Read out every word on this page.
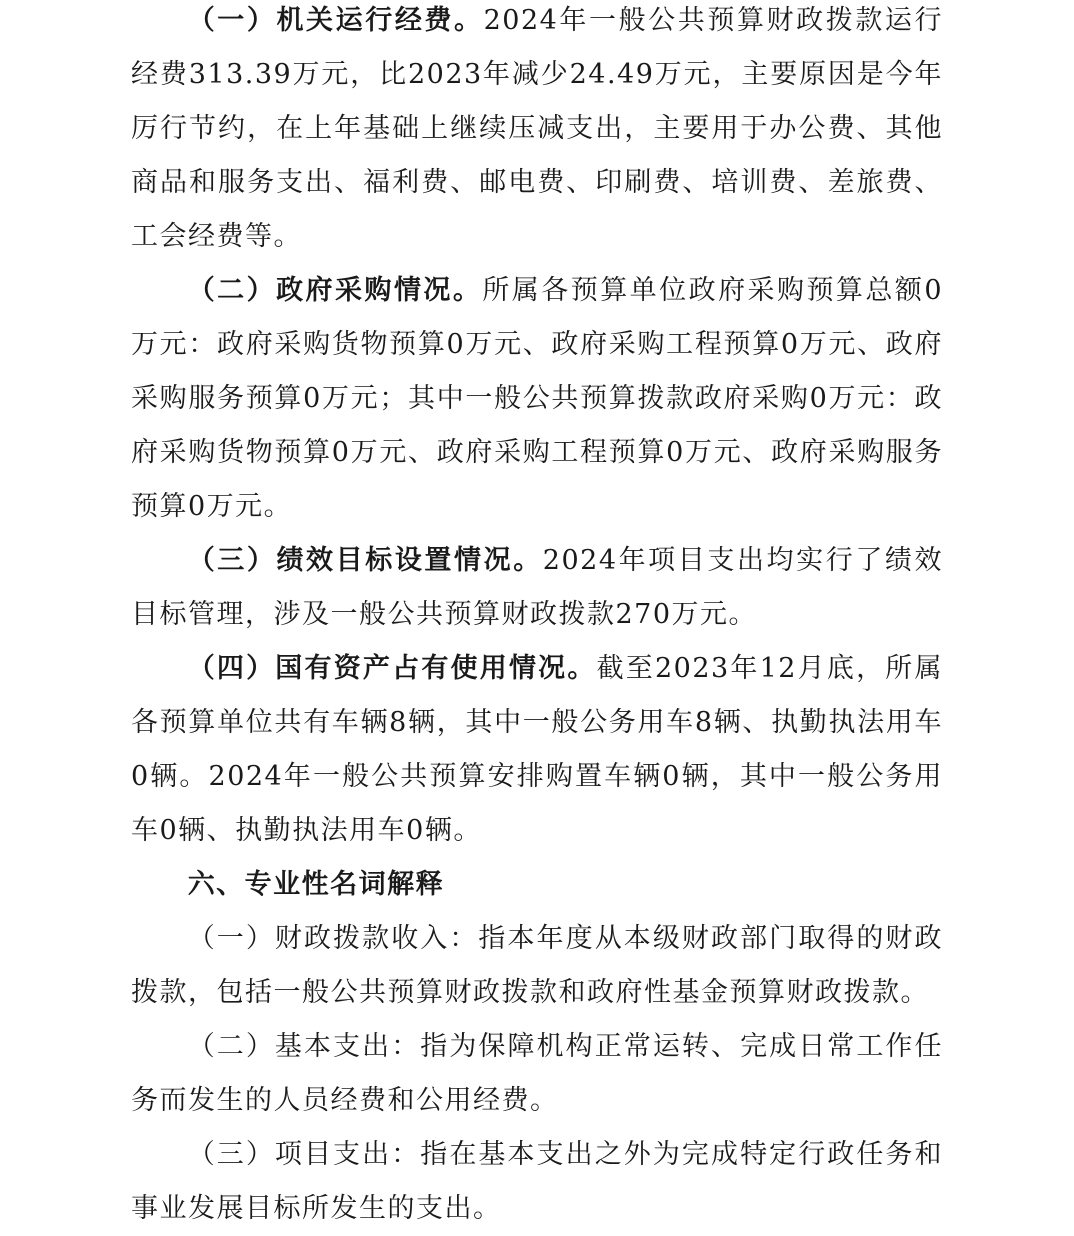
（一）机关运行经费。2024年一般公共预算财政拨款运行经费313.39万元，比2023年减少24.49万元，主要原因是今年厉行节约，在上年基础上继续压减支出，主要用于办公费、其他商品和服务支出、福利费、邮电费、印刷费、培训费、差旅费、工会经费等。

（二）政府采购情况。所属各预算单位政府采购预算总额0万元：政府采购货物预算0万元、政府采购工程预算0万元、政府采购服务预算0万元；其中一般公共预算拨款政府采购0万元：政府采购货物预算0万元、政府采购工程预算0万元、政府采购服务预算0万元。

（三）绩效目标设置情况。2024年项目支出均实行了绩效目标管理，涉及一般公共预算财政拨款270万元。

（四）国有资产占有使用情况。截至2023年12月底，所属各预算单位共有车辆8辆，其中一般公务用车8辆、执勤执法用车0辆。2024年一般公共预算安排购置车辆0辆，其中一般公务用车0辆、执勤执法用车0辆。

六、专业性名词解释

（一）财政拨款收入：指本年度从本级财政部门取得的财政拨款，包括一般公共预算财政拨款和政府性基金预算财政拨款。

（二）基本支出：指为保障机构正常运转、完成日常工作任务而发生的人员经费和公用经费。

（三）项目支出：指在基本支出之外为完成特定行政任务和事业发展目标所发生的支出。
